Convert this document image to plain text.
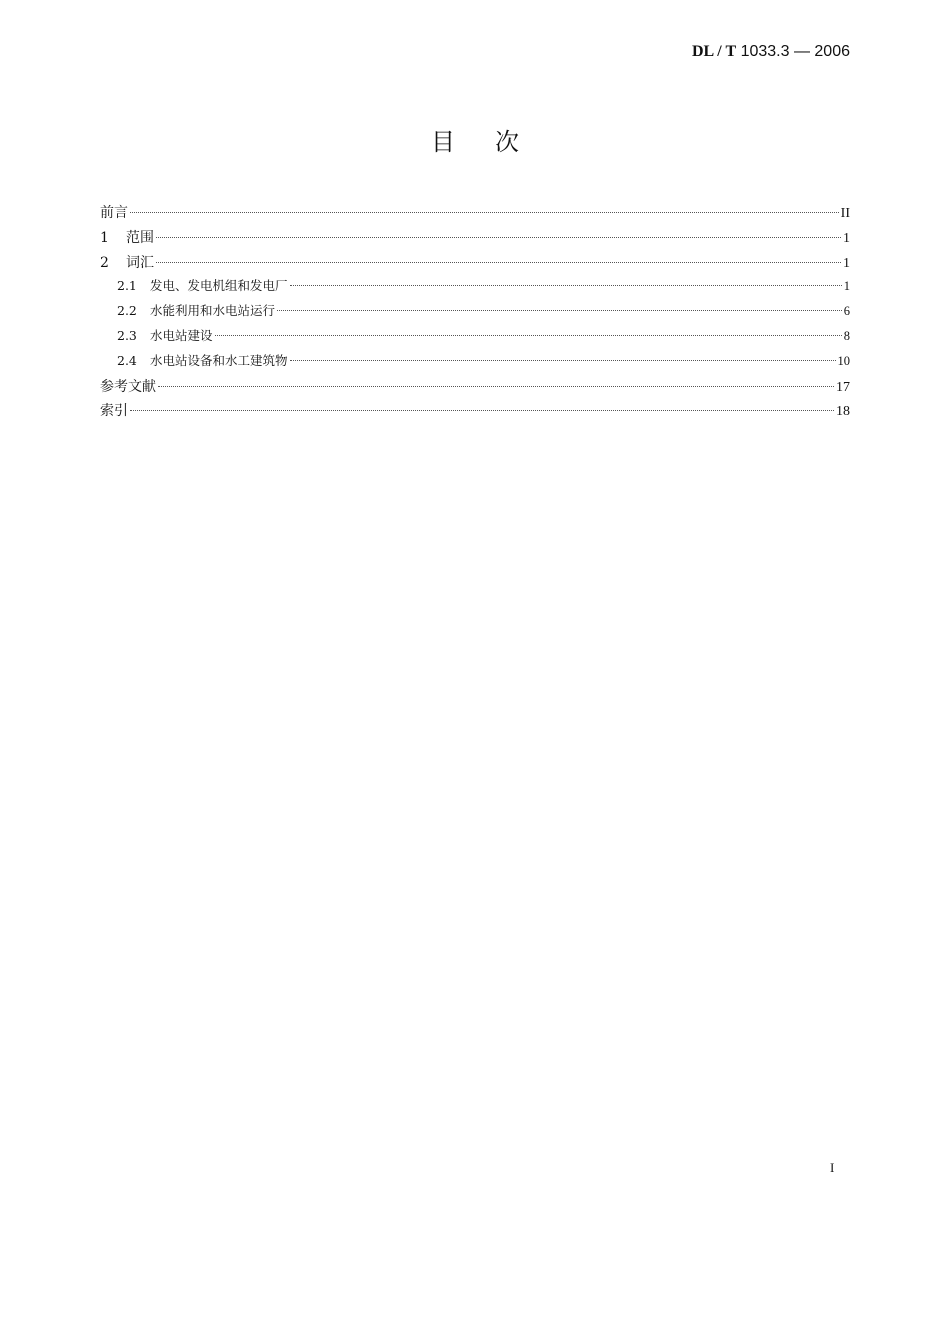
DL / T 1033.3 — 2006
目次
前言	II
1	范围	1
2	词汇	1
2.1	发电、发电机组和发电厂	1
2.2	水能利用和水电站运行	6
2.3	水电站建设	8
2.4	水电站设备和水工建筑物	10
参考文献	17
索引	18
I
